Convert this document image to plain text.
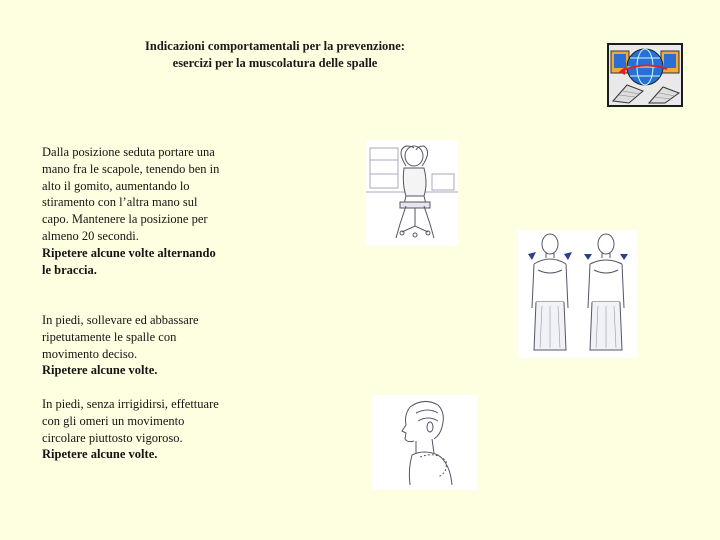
Indicazioni comportamentali per la prevenzione:
esercizi per la muscolatura delle spalle
Dalla posizione seduta portare una mano fra le scapole, tenendo ben in alto il gomito, aumentando lo stiramento con l’altra mano sul capo. Mantenere la posizione per almeno 20 secondi.
Ripetere alcune volte alternando le braccia.
In piedi, sollevare ed abbassare ripetutamente le spalle con movimento deciso.
Ripetere alcune volte.
In piedi, senza irrigidirsi, effettuare con gli omeri un movimento circolare piuttosto vigoroso.
Ripetere alcune volte.
